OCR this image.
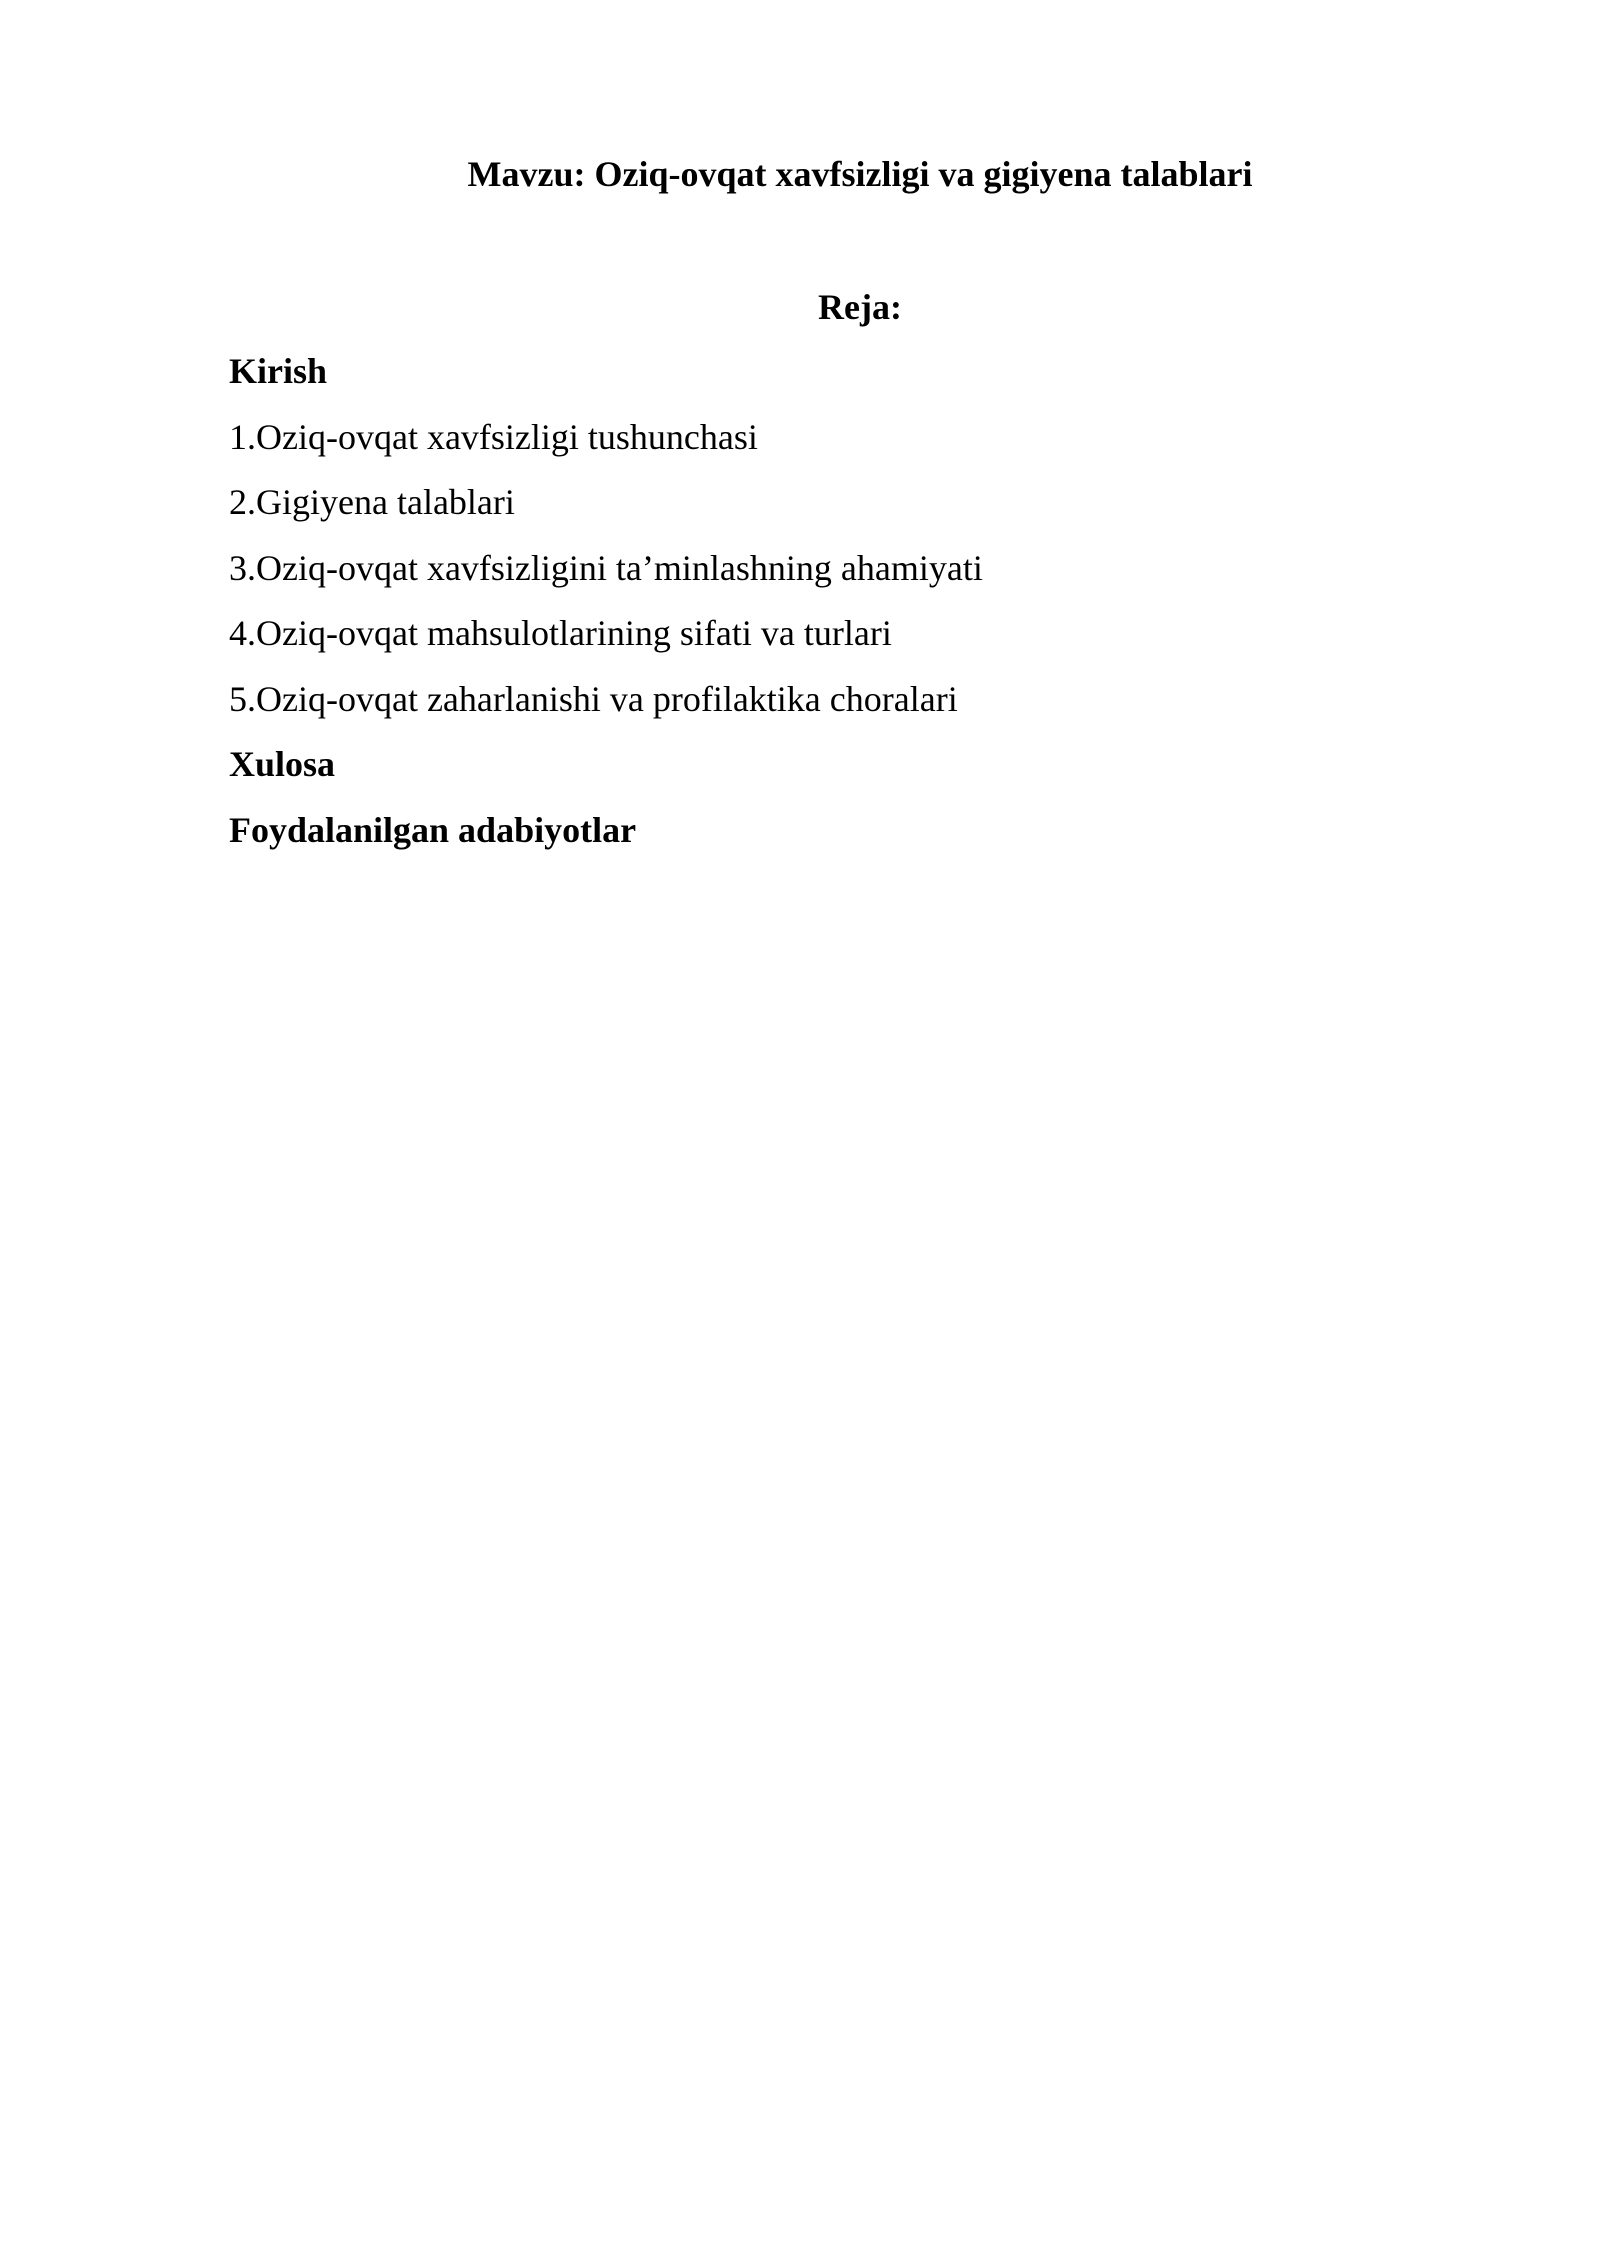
Mavzu: Oziq-ovqat xavfsizligi va gigiyena talablari
Reja:
Kirish
1.Oziq-ovqat xavfsizligi tushunchasi
2.Gigiyena talablari
3.Oziq-ovqat xavfsizligini ta’minlashning ahamiyati
4.Oziq-ovqat mahsulotlarining sifati va turlari
5.Oziq-ovqat zaharlanishi va profilaktika choralari
Xulosa
Foydalanilgan adabiyotlar
